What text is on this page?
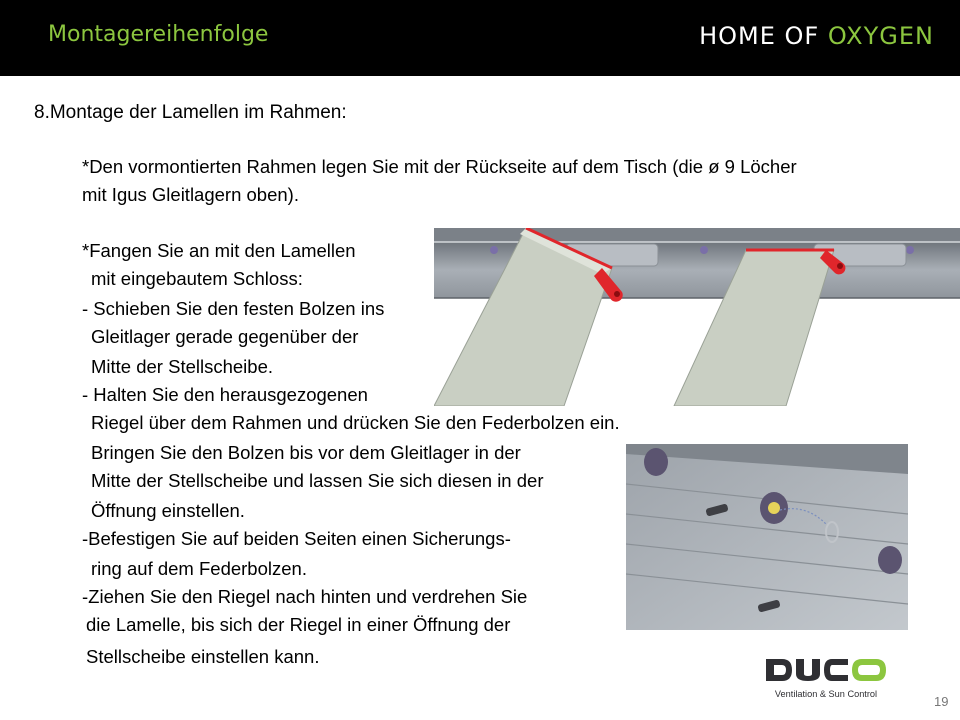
Montagereihenfolge	HOME OF OXYGEN
8.Montage der Lamellen im Rahmen:
*Den vormontierten Rahmen legen Sie mit der Rückseite auf dem Tisch (die ø 9 Löcher
mit Igus Gleitlagern oben).
*Fangen Sie an mit den Lamellen
mit eingebautem Schloss:
- Schieben Sie den festen Bolzen ins
Gleitlager gerade gegenüber der
Mitte der Stellscheibe.
- Halten Sie den herausgezogenen
Riegel über dem Rahmen und drücken Sie den Federbolzen ein.
Bringen Sie den Bolzen bis vor dem Gleitlager in der
Mitte der Stellscheibe und lassen Sie sich diesen in der
Öffnung einstellen.
-Befestigen Sie auf beiden Seiten einen Sicherungs-
ring auf dem Federbolzen.
-Ziehen Sie den Riegel nach hinten und verdrehen Sie
die Lamelle, bis sich der Riegel in einer Öffnung der
Stellscheibe einstellen kann.
Ventilation & Sun Control	19
